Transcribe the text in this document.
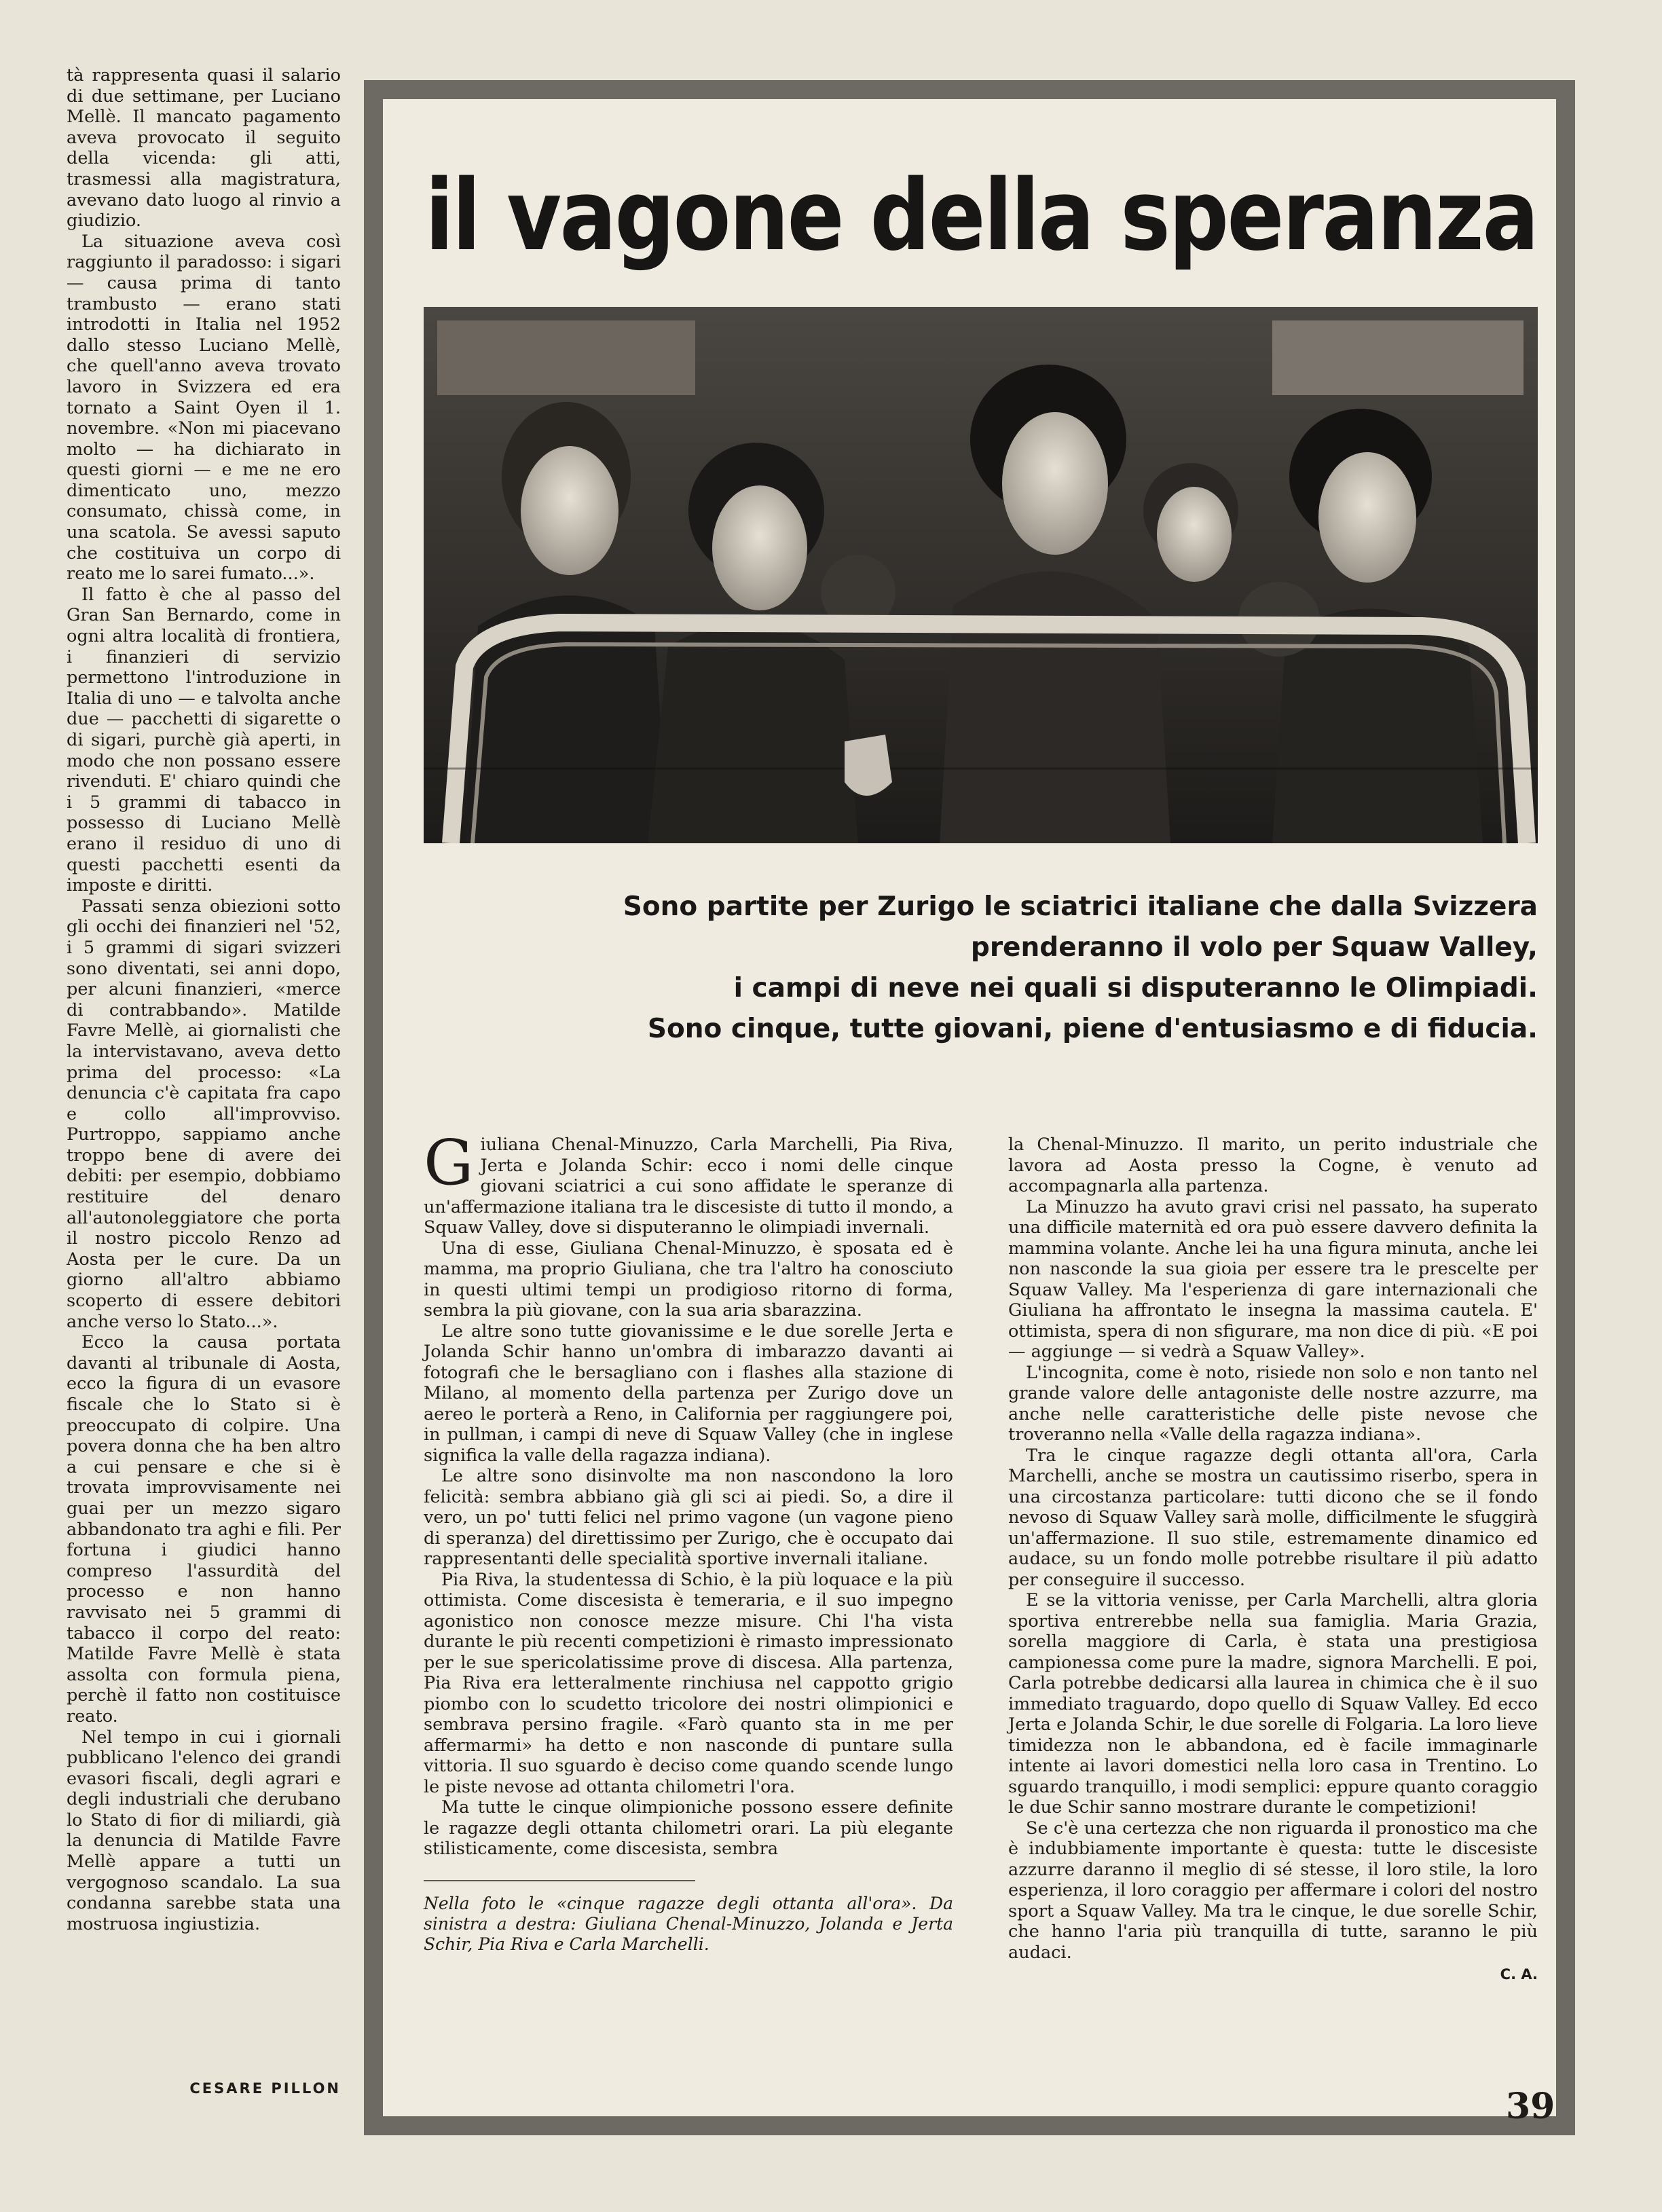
tà rappresenta quasi il salario di due settimane, per Luciano Mellè. Il mancato pagamento aveva provocato il seguito della vicenda: gli atti, trasmessi alla magistratura, avevano dato luogo al rinvio a giudizio.

La situazione aveva così raggiunto il paradosso: i sigari — causa prima di tanto trambusto — erano stati introdotti in Italia nel 1952 dallo stesso Luciano Mellè, che quell'anno aveva trovato lavoro in Svizzera ed era tornato a Saint Oyen il 1. novembre. «Non mi piacevano molto — ha dichiarato in questi giorni — e me ne ero dimenticato uno, mezzo consumato, chissà come, in una scatola. Se avessi saputo che costituiva un corpo di reato me lo sarei fumato...».

Il fatto è che al passo del Gran San Bernardo, come in ogni altra località di frontiera, i finanzieri di servizio permettono l'introduzione in Italia di uno — e talvolta anche due — pacchetti di sigarette o di sigari, purchè già aperti, in modo che non possano essere rivenduti. E' chiaro quindi che i 5 grammi di tabacco in possesso di Luciano Mellè erano il residuo di uno di questi pacchetti esenti da imposte e diritti.

Passati senza obiezioni sotto gli occhi dei finanzieri nel '52, i 5 grammi di sigari svizzeri sono diventati, sei anni dopo, per alcuni finanzieri, «merce di contrabbando». Matilde Favre Mellè, ai giornalisti che la intervistavano, aveva detto prima del processo: «La denuncia c'è capitata fra capo e collo all'improvviso. Purtroppo, sappiamo anche troppo bene di avere dei debiti: per esempio, dobbiamo restituire del denaro all'autonoleggiatore che porta il nostro piccolo Renzo ad Aosta per le cure. Da un giorno all'altro abbiamo scoperto di essere debitori anche verso lo Stato...».

Ecco la causa portata davanti al tribunale di Aosta, ecco la figura di un evasore fiscale che lo Stato si è preoccupato di colpire. Una povera donna che ha ben altro a cui pensare e che si è trovata improvvisamente nei guai per un mezzo sigaro abbandonato tra aghi e fili. Per fortuna i giudici hanno compreso l'assurdità del processo e non hanno ravvisato nei 5 grammi di tabacco il corpo del reato: Matilde Favre Mellè è stata assolta con formula piena, perchè il fatto non costituisce reato.

Nel tempo in cui i giornali pubblicano l'elenco dei grandi evasori fiscali, degli agrari e degli industriali che derubano lo Stato di fior di miliardi, già la denuncia di Matilde Favre Mellè appare a tutti un vergognoso scandalo. La sua condanna sarebbe stata una mostruosa ingiustizia.

CESARE PILLON
il vagone della speranza
Sono partite per Zurigo le sciatrici italiane che dalla Svizzera
prenderanno il volo per Squaw Valley,
i campi di neve nei quali si disputeranno le Olimpiadi.
Sono cinque, tutte giovani, piene d'entusiasmo e di fiducia.

Giuliana Chenal-Minuzzo, Carla Marchelli, Pia Riva, Jerta e Jolanda Schir: ecco i nomi delle cinque giovani sciatrici a cui sono affidate le speranze di un'affermazione italiana tra le discesiste di tutto il mondo, a Squaw Valley, dove si disputeranno le olimpiadi invernali.

Una di esse, Giuliana Chenal-Minuzzo, è sposata ed è mamma, ma proprio Giuliana, che tra l'altro ha conosciuto in questi ultimi tempi un prodigioso ritorno di forma, sembra la più giovane, con la sua aria sbarazzina.

Le altre sono tutte giovanissime e le due sorelle Jerta e Jolanda Schir hanno un'ombra di imbarazzo davanti ai fotografi che le bersagliano con i flashes alla stazione di Milano, al momento della partenza per Zurigo dove un aereo le porterà a Reno, in California per raggiungere poi, in pullman, i campi di neve di Squaw Valley (che in inglese significa la valle della ragazza indiana).

Le altre sono disinvolte ma non nascondono la loro felicità: sembra abbiano già gli sci ai piedi. So, a dire il vero, un po' tutti felici nel primo vagone (un vagone pieno di speranza) del direttissimo per Zurigo, che è occupato dai rappresentanti delle specialità sportive invernali italiane.

Pia Riva, la studentessa di Schio, è la più loquace e la più ottimista. Come discesista è temeraria, e il suo impegno agonistico non conosce mezze misure. Chi l'ha vista durante le più recenti competizioni è rimasto impressionato per le sue spericolatissime prove di discesa. Alla partenza, Pia Riva era letteralmente rinchiusa nel cappotto grigio piombo con lo scudetto tricolore dei nostri olimpionici e sembrava persino fragile. «Farò quanto sta in me per affermarmi» ha detto e non nasconde di puntare sulla vittoria. Il suo sguardo è deciso come quando scende lungo le piste nevose ad ottanta chilometri l'ora.

Ma tutte le cinque olimpioniche possono essere definite le ragazze degli ottanta chilometri orari. La più elegante stilisticamente, come discesista, sembra

Nella foto le «cinque ragazze degli ottanta all'ora». Da sinistra a destra: Giuliana Chenal-Minuzzo, Jolanda e Jerta Schir, Pia Riva e Carla Marchelli.

la Chenal-Minuzzo. Il marito, un perito industriale che lavora ad Aosta presso la Cogne, è venuto ad accompagnarla alla partenza.

La Minuzzo ha avuto gravi crisi nel passato, ha superato una difficile maternità ed ora può essere davvero definita la mammina volante. Anche lei ha una figura minuta, anche lei non nasconde la sua gioia per essere tra le prescelte per Squaw Valley. Ma l'esperienza di gare internazionali che Giuliana ha affrontato le insegna la massima cautela. E' ottimista, spera di non sfigurare, ma non dice di più. «E poi — aggiunge — si vedrà a Squaw Valley».

L'incognita, come è noto, risiede non solo e non tanto nel grande valore delle antagoniste delle nostre azzurre, ma anche nelle caratteristiche delle piste nevose che troveranno nella «Valle della ragazza indiana».

Tra le cinque ragazze degli ottanta all'ora, Carla Marchelli, anche se mostra un cautissimo riserbo, spera in una circostanza particolare: tutti dicono che se il fondo nevoso di Squaw Valley sarà molle, difficilmente le sfuggirà un'affermazione. Il suo stile, estremamente dinamico ed audace, su un fondo molle potrebbe risultare il più adatto per conseguire il successo.

E se la vittoria venisse, per Carla Marchelli, altra gloria sportiva entrerebbe nella sua famiglia. Maria Grazia, sorella maggiore di Carla, è stata una prestigiosa campionessa come pure la madre, signora Marchelli. E poi, Carla potrebbe dedicarsi alla laurea in chimica che è il suo immediato traguardo, dopo quello di Squaw Valley. Ed ecco Jerta e Jolanda Schir, le due sorelle di Folgaria. La loro lieve timidezza non le abbandona, ed è facile immaginarle intente ai lavori domestici nella loro casa in Trentino. Lo sguardo tranquillo, i modi semplici: eppure quanto coraggio le due Schir sanno mostrare durante le competizioni!

Se c'è una certezza che non riguarda il pronostico ma che è indubbiamente importante è questa: tutte le discesiste azzurre daranno il meglio di sé stesse, il loro stile, la loro esperienza, il loro coraggio per affermare i colori del nostro sport a Squaw Valley. Ma tra le cinque, le due sorelle Schir, che hanno l'aria più tranquilla di tutte, saranno le più audaci.

C. A.
39
